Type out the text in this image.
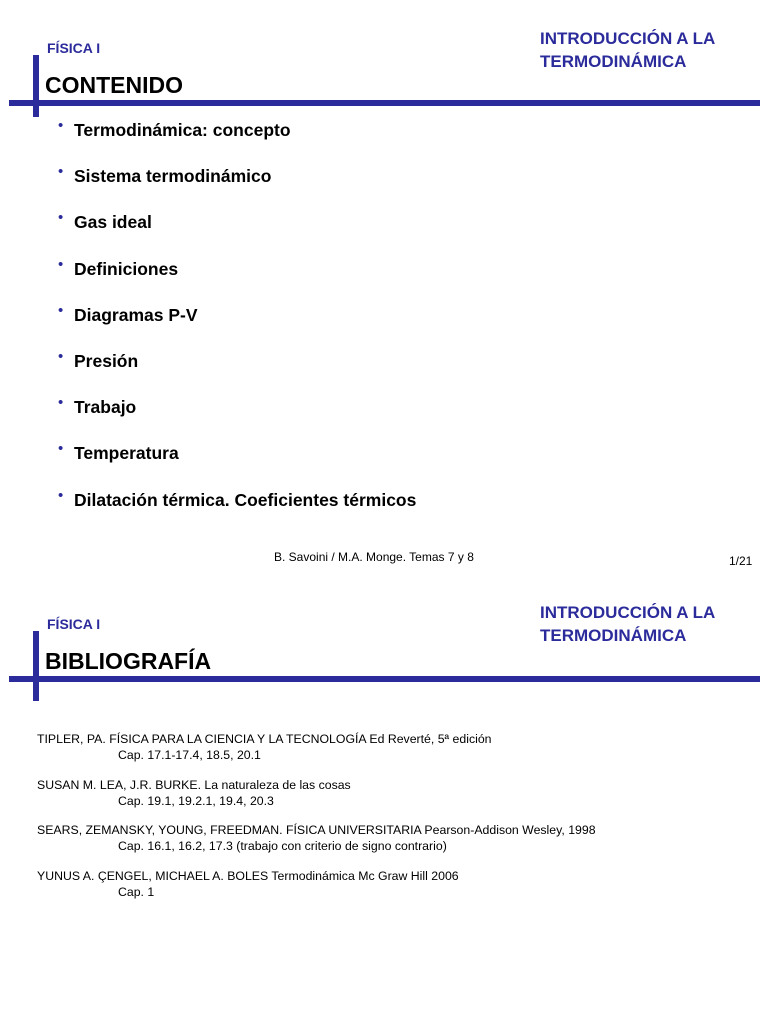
FÍSICA I	INTRODUCCIÓN A LA
TERMODINÁMICA
CONTENIDO
• Termodinámica: concepto
• Sistema termodinámico
• Gas ideal
• Definiciones
• Diagramas P-V
• Presión
• Trabajo
• Temperatura
• Dilatación térmica. Coeficientes térmicos
B. Savoini / M.A. Monge. Temas 7 y 8	1/21
FÍSICA I
INTRODUCCIÓN A LA
TERMODINÁMICA
BIBLIOGRAFÍA
TIPLER, PA. FÍSICA PARA LA CIENCIA Y LA TECNOLOGÍA Ed Reverté, 5ª edición
Cap. 17.1-17.4, 18.5, 20.1
SUSAN M. LEA, J.R. BURKE. La naturaleza de las cosas
Cap. 19.1, 19.2.1, 19.4, 20.3
SEARS, ZEMANSKY, YOUNG, FREEDMAN. FÍSICA UNIVERSITARIA Pearson-Addison Wesley, 1998
Cap. 16.1, 16.2, 17.3 (trabajo con criterio de signo contrario)
YUNUS A. ÇENGEL, MICHAEL A. BOLES Termodinámica Mc Graw Hill 2006
Cap. 1
